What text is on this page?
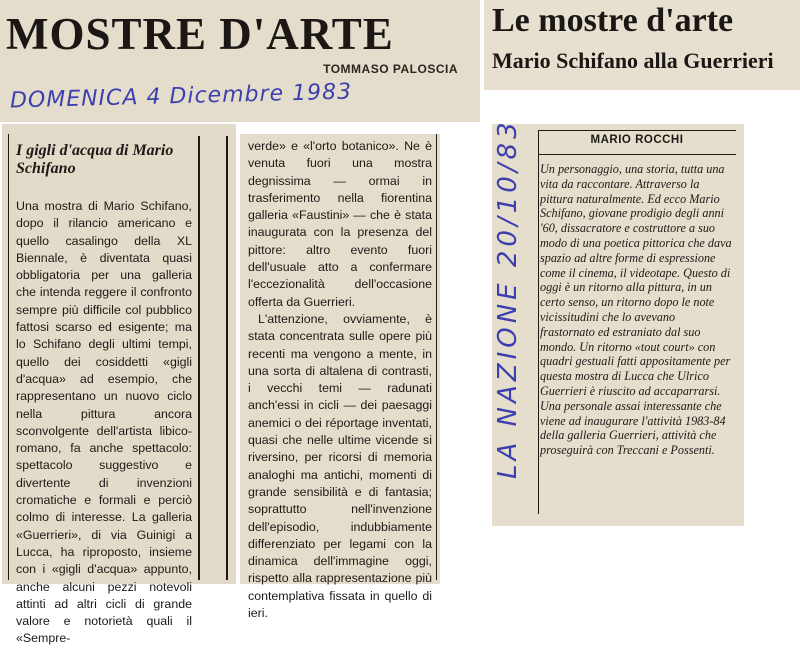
MOSTRE D'ARTE
TOMMASO PALOSCIA
DOMENICA 4 Dicembre 1983
Le mostre d'arte
Mario Schifano alla Guerrieri
I gigli d'acqua di Mario Schifano
Una mostra di Mario Schifano, dopo il rilancio americano e quello casalingo della XL Biennale, è diventata quasi obbligatoria per una galleria che intenda reggere il confronto sempre più difficile col pubblico fattosi scarso ed esigente; ma lo Schifano degli ultimi tempi, quello dei cosiddetti «gigli d'acqua» ad esempio, che rappresentano un nuovo ciclo nella pittura ancora sconvolgente dell'artista libico-romano, fa anche spettacolo: spettacolo suggestivo e divertente di invenzioni cromatiche e formali e perciò colmo di interesse. La galleria «Guerrieri», di via Guinigi a Lucca, ha riproposto, insieme con i «gigli d'acqua» appunto, anche alcuni pezzi notevoli attinti ad altri cicli di grande valore e notorietà quali il «Sempre-

verde» e «l'orto botanico». Ne è venuta fuori una mostra degnissima — ormai in trasferimento nella fiorentina galleria «Faustini» — che è stata inaugurata con la presenza del pittore: altro evento fuori dell'usuale atto a confermare l'eccezionalità dell'occasione offerta da Guerrieri.

L'attenzione, ovviamente, è stata concentrata sulle opere più recenti ma vengono a mente, in una sorta di altalena di contrasti, i vecchi temi — radunati anch'essi in cicli — dei paesaggi anemici o dei réportage inventati, quasi che nelle ultime vicende si riversino, per ricorsi di memoria analoghi ma antichi, momenti di grande sensibilità e di fantasia; soprattutto nell'invenzione dell'episodio, indubbiamente differenziato per legami con la dinamica dell'immagine oggi, rispetto alla rappresentazione più contemplativa fissata in quello di ieri.

MARIO ROCCHI
Un personaggio, una storia, tutta una vita da raccontare. Attraverso la pittura naturalmente. Ed ecco Mario Schifano, giovane prodigio degli anni '60, dissacratore e costruttore a suo modo di una poetica pittorica che dava spazio ad altre forme di espressione come il cinema, il videotape. Questo di oggi è un ritorno alla pittura, in un certo senso, un ritorno dopo le note vicissitudini che lo avevano frastornato ed estraniato dal suo mondo. Un ritorno «tout court» con quadri gestuali fatti appositamente per questa mostra di Lucca che Ulrico Guerrieri è riuscito ad accaparrarsi. Una personale assai interessante che viene ad inaugurare l'attività 1983-84 della galleria Guerrieri, attività che proseguirà con Treccani e Possenti.
LA NAZIONE 20/10/83
